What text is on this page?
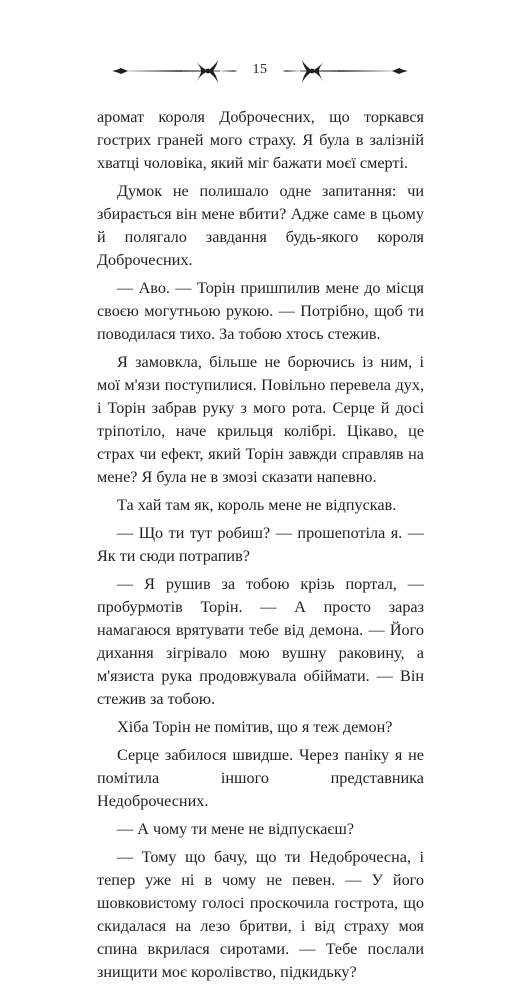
15

аромат короля Доброчесних, що торкався гострих граней мого страху. Я була в залізній хватці чоловіка, який міг бажати моєї смерті.

Думок не полишало одне запитання: чи збирається він мене вбити? Адже саме в цьому й полягало завдання будь-якого короля Доброчесних.

— Аво. — Торін пришпилив мене до місця своєю могутньою рукою. — Потрібно, щоб ти поводилася тихо. За тобою хтось стежив.

Я замовкла, більше не борючись із ним, і мої м'язи поступилися. Повільно перевела дух, і Торін забрав руку з мого рота. Серце й досі тріпотіло, наче крильця колібрі. Цікаво, це страх чи ефект, який Торін завжди справляв на мене? Я була не в змозі сказати напевно.

Та хай там як, король мене не відпускав.

— Що ти тут робиш? — прошепотіла я. — Як ти сюди потрапив?

— Я рушив за тобою крізь портал, — пробурмотів Торін. — А просто зараз намагаюся врятувати тебе від демона. — Його дихання зігрівало мою вушну раковину, а м'язиста рука продовжувала обіймати. — Він стежив за тобою.

Хіба Торін не помітив, що я теж демон?

Серце забилося швидше. Через паніку я не помітила іншого представника Недоброчесних.

— А чому ти мене не відпускаєш?

— Тому що бачу, що ти Недоброчесна, і тепер уже ні в чому не певен. — У його шовковистому голосі проскочила гострота, що скидалася на лезо бритви, і від страху моя спина вкрилася сиротами. — Тебе послали знищити моє королівство, підкидьку?
